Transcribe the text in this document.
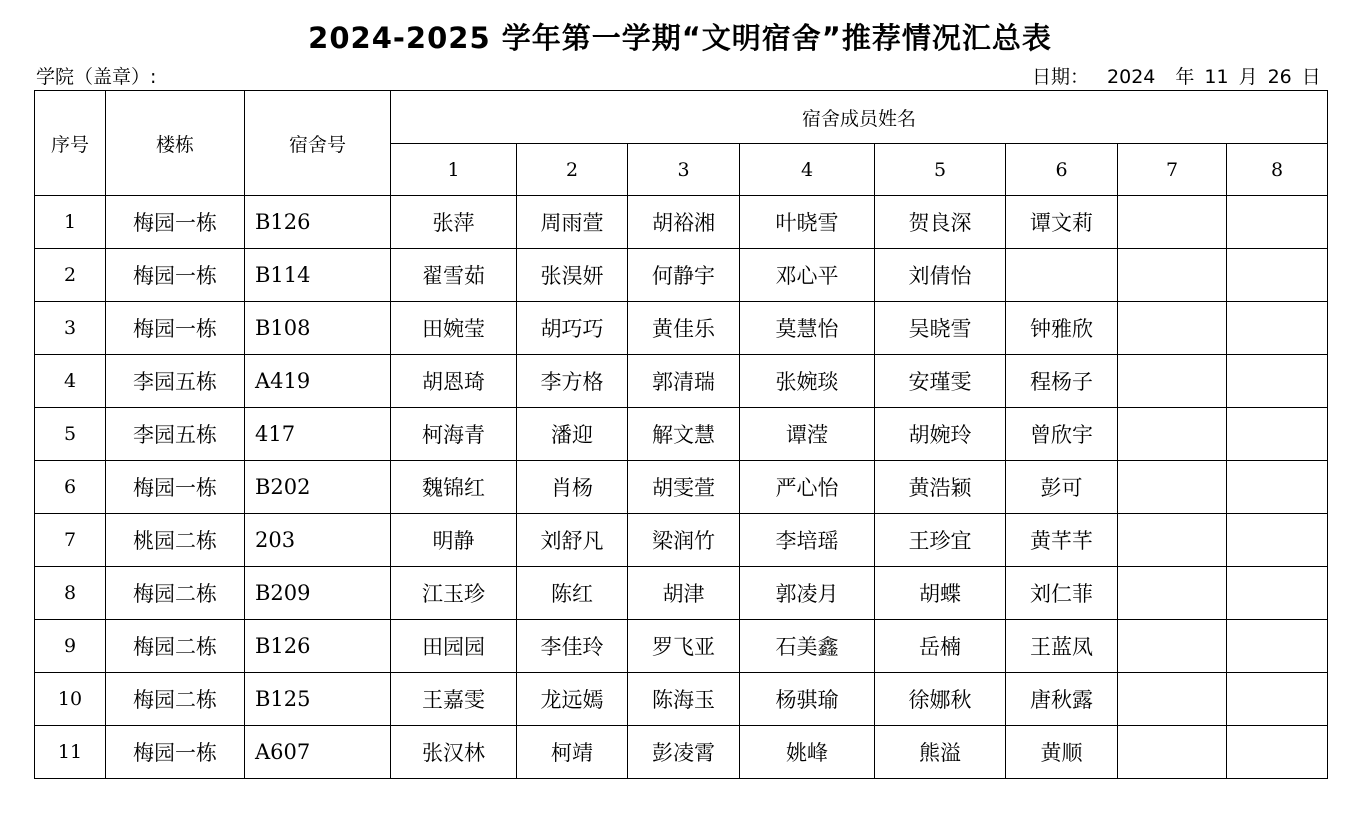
2024-2025 学年第一学期“文明宿舍”推荐情况汇总表
学院（盖章）:	日期： 2024 年 11 月 26 日
序号	楼栋	宿舍号	宿舍成员姓名							
			1	2	3	4	5	6	7	8
1	梅园一栋	B126	张萍	周雨萱	胡裕湘	叶晓雪	贺良深	谭文莉		
2	梅园一栋	B114	翟雪茹	张淏妍	何静宇	邓心平	刘倩怡			
3	梅园一栋	B108	田婉莹	胡巧巧	黄佳乐	莫慧怡	吴晓雪	钟雅欣		
4	李园五栋	A419	胡恩琦	李方格	郭清瑞	张婉琰	安瑾雯	程杨子		
5	李园五栋	417	柯海青	潘迎	解文慧	谭滢	胡婉玲	曾欣宇		
6	梅园一栋	B202	魏锦红	肖杨	胡雯萱	严心怡	黄浩颖	彭可		
7	桃园二栋	203	明静	刘舒凡	梁润竹	李培瑶	王珍宜	黄芊芊		
8	梅园二栋	B209	江玉珍	陈红	胡津	郭凌月	胡蝶	刘仁菲		
9	梅园二栋	B126	田园园	李佳玲	罗飞亚	石美鑫	岳楠	王蓝凤		
10	梅园二栋	B125	王嘉雯	龙远嫣	陈海玉	杨骐瑜	徐娜秋	唐秋露		
11	梅园一栋	A607	张汉林	柯靖	彭凌霄	姚峰	熊溢	黄顺		
